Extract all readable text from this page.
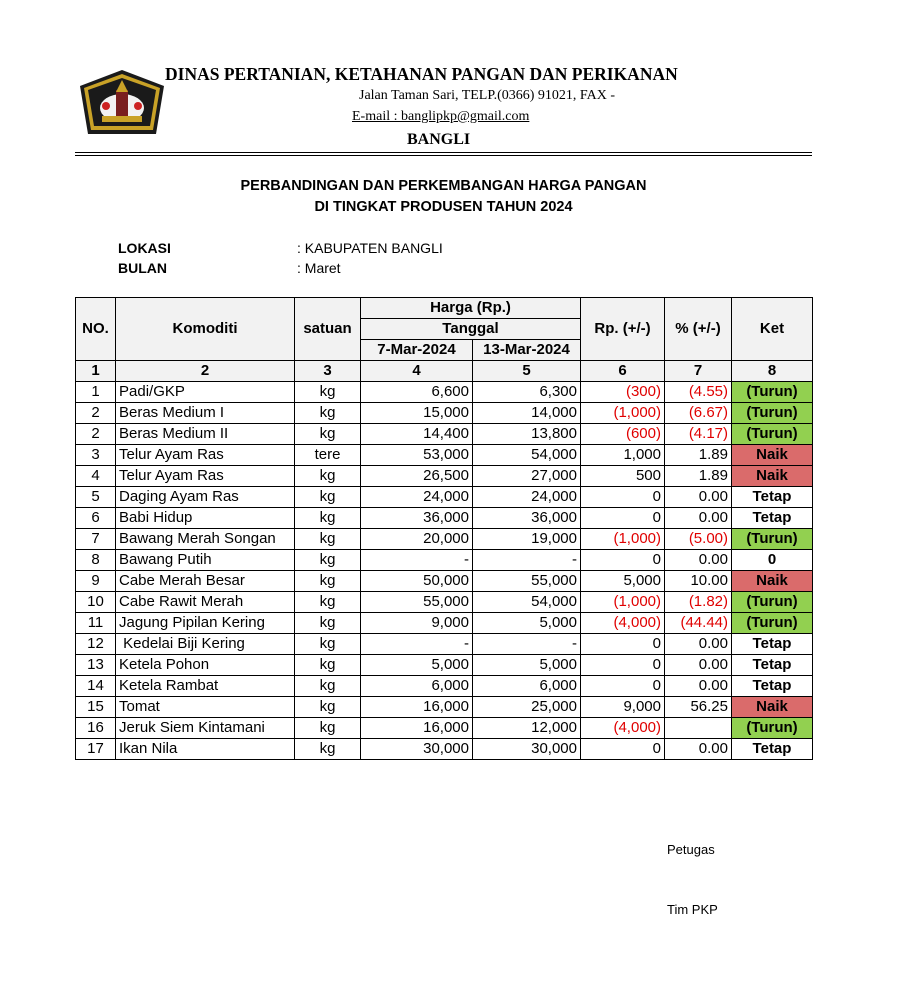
DINAS PERTANIAN, KETAHANAN PANGAN DAN PERIKANAN
Jalan Taman Sari, TELP.(0366) 91021, FAX -
E-mail : banglipkp@gmail.com
BANGLI
PERBANDINGAN DAN PERKEMBANGAN HARGA PANGAN
DI TINGKAT PRODUSEN TAHUN 2024
LOKASI	: KABUPATEN BANGLI
BULAN	: Maret
NO.	Komoditi	satuan	Harga (Rp.)		Rp. (+/-)	% (+/-)	Ket
			Tanggal				
			7-Mar-2024	13-Mar-2024			
1	2	3	4	5	6	7	8
1	Padi/GKP	kg	6,600	6,300	(300)	(4.55)	(Turun)
2	Beras Medium I	kg	15,000	14,000	(1,000)	(6.67)	(Turun)
2	Beras Medium II	kg	14,400	13,800	(600)	(4.17)	(Turun)
3	Telur Ayam Ras	tere	53,000	54,000	1,000	1.89	Naik
4	Telur Ayam Ras	kg	26,500	27,000	500	1.89	Naik
5	Daging Ayam Ras	kg	24,000	24,000	0	0.00	Tetap
6	Babi Hidup	kg	36,000	36,000	0	0.00	Tetap
7	Bawang Merah Songan	kg	20,000	19,000	(1,000)	(5.00)	(Turun)
8	Bawang Putih	kg	-	-	0	0.00	0
9	Cabe Merah Besar	kg	50,000	55,000	5,000	10.00	Naik
10	Cabe Rawit Merah	kg	55,000	54,000	(1,000)	(1.82)	(Turun)
11	Jagung Pipilan Kering	kg	9,000	5,000	(4,000)	(44.44)	(Turun)
12	Kedelai Biji Kering	kg	-	-	0	0.00	Tetap
13	Ketela Pohon	kg	5,000	5,000	0	0.00	Tetap
14	Ketela Rambat	kg	6,000	6,000	0	0.00	Tetap
15	Tomat	kg	16,000	25,000	9,000	56.25	Naik
16	Jeruk Siem Kintamani	kg	16,000	12,000	(4,000)		(Turun)
17	Ikan Nila	kg	30,000	30,000	0	0.00	Tetap
Petugas
Tim PKP
